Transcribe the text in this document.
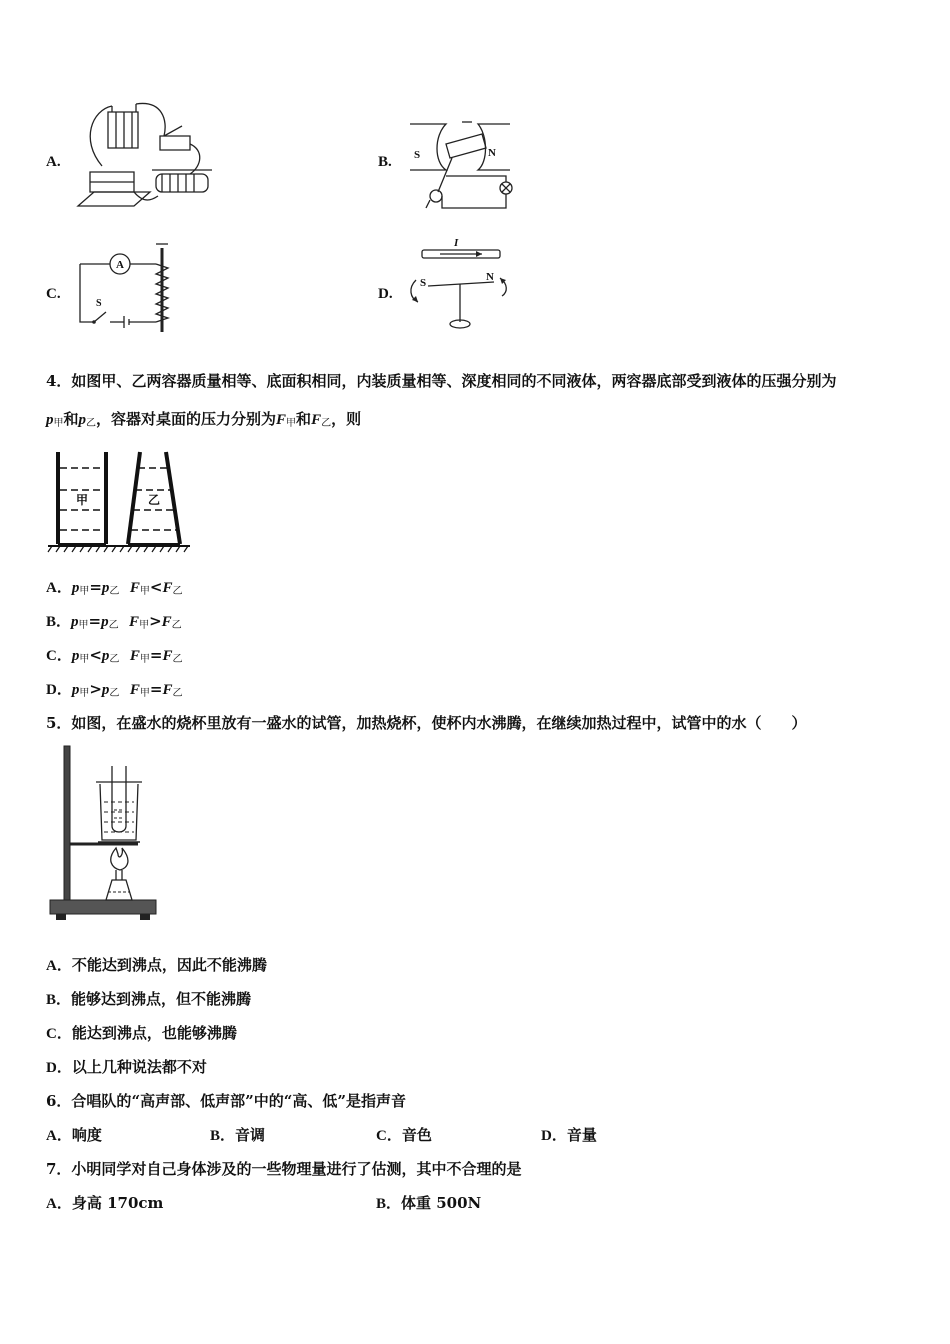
A.	B. S	N
C.
A
S
D.
I
S	N
4．如图甲、乙两容器质量相等、底面积相同，内装质量相等、深度相同的不同液体，两容器底部受到液体的压强分别为
$p_甲$和$p_乙$，容器对桌面的压力分别为$F_甲$和$F_乙$，则
甲	乙
A．$p_甲=p_乙$ $F_甲<F_乙$
B．$p_甲=p_乙$ $F_甲>F_乙$
C．$p_甲<p_乙$ $F_甲=F_乙$
D．$p_甲>p_乙$ $F_甲=F_乙$
5．如图，在盛水的烧杯里放有一盛水的试管，加热烧杯，使杯内水沸腾，在继续加热过程中，试管中的水（　　）
A．不能达到沸点，因此不能沸腾
B．能够达到沸点，但不能沸腾
C．能达到沸点，也能够沸腾
D．以上几种说法都不对
6．合唱队的“高声部、低声部”中的“高、低”是指声音
A．响度	B．音调	C．音色	D．音量
7．小明同学对自己身体涉及的一些物理量进行了估测，其中不合理的是
A．身高 170cm	B．体重 500N
